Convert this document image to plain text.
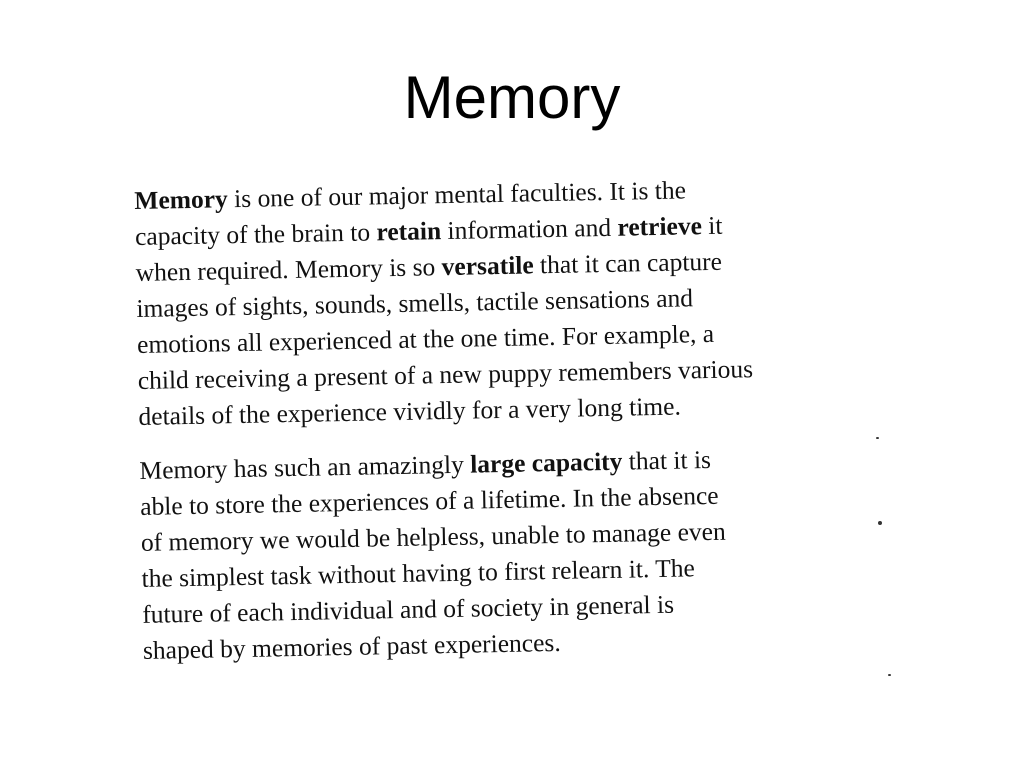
Memory
Memory is one of our major mental faculties. It is the
capacity of the brain to retain information and retrieve it
when required. Memory is so versatile that it can capture
images of sights, sounds, smells, tactile sensations and
emotions all experienced at the one time. For example, a
child receiving a present of a new puppy remembers various
details of the experience vividly for a very long time.
Memory has such an amazingly large capacity that it is
able to store the experiences of a lifetime. In the absence
of memory we would be helpless, unable to manage even
the simplest task without having to first relearn it. The
future of each individual and of society in general is
shaped by memories of past experiences.
